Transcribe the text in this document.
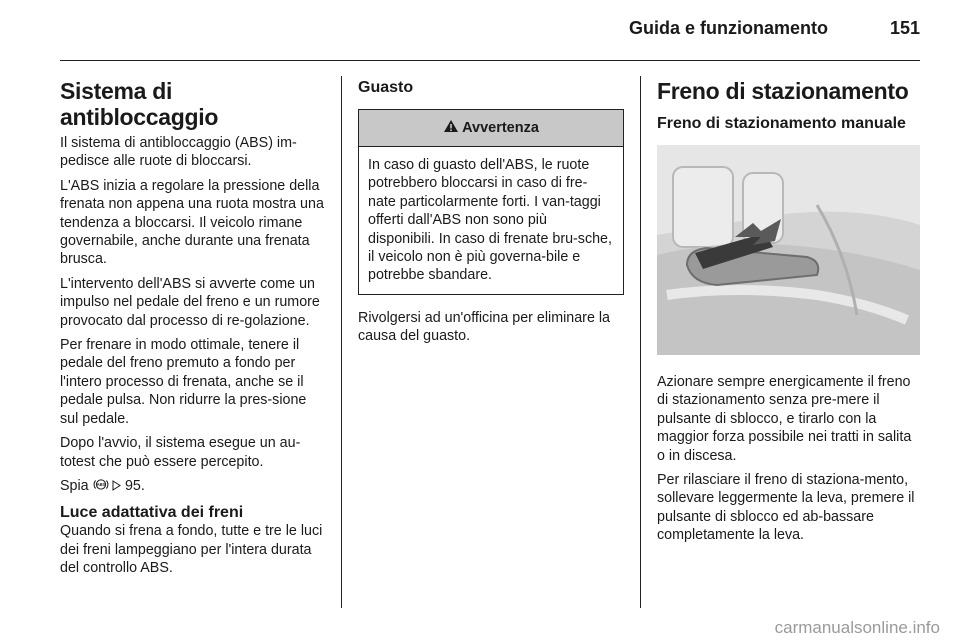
Guida e funzionamento	151
Sistema di antibloccaggio

Il sistema di antibloccaggio (ABS) im-pedisce alle ruote di bloccarsi.

L'ABS inizia a regolare la pressione della frenata non appena una ruota mostra una tendenza a bloccarsi. Il veicolo rimane governabile, anche durante una frenata brusca.

L'intervento dell'ABS si avverte come un impulso nel pedale del freno e un rumore provocato dal processo di re-golazione.

Per frenare in modo ottimale, tenere il pedale del freno premuto a fondo per l'intero processo di frenata, anche se il pedale pulsa. Non ridurre la pres-sione sul pedale.

Dopo l'avvio, il sistema esegue un au-totest che può essere percepito.

Spia ABS 95.

Luce adattativa dei freni

Quando si frena a fondo, tutte e tre le luci dei freni lampeggiano per l'intera durata del controllo ABS.

Guasto
Avvertenza
In caso di guasto dell'ABS, le ruote potrebbero bloccarsi in caso di fre-nate particolarmente forti. I van-taggi offerti dall'ABS non sono più disponibili. In caso di frenate bru-sche, il veicolo non è più governa-bile e potrebbe sbandare.

Rivolgersi ad un'officina per eliminare la causa del guasto.

Freno di stazionamento
Freno di stazionamento manuale

Azionare sempre energicamente il freno di stazionamento senza pre-mere il pulsante di sblocco, e tirarlo con la maggior forza possibile nei tratti in salita o in discesa.

Per rilasciare il freno di staziona-mento, sollevare leggermente la leva, premere il pulsante di sblocco ed ab-bassare completamente la leva.

carmanualsonline.info
